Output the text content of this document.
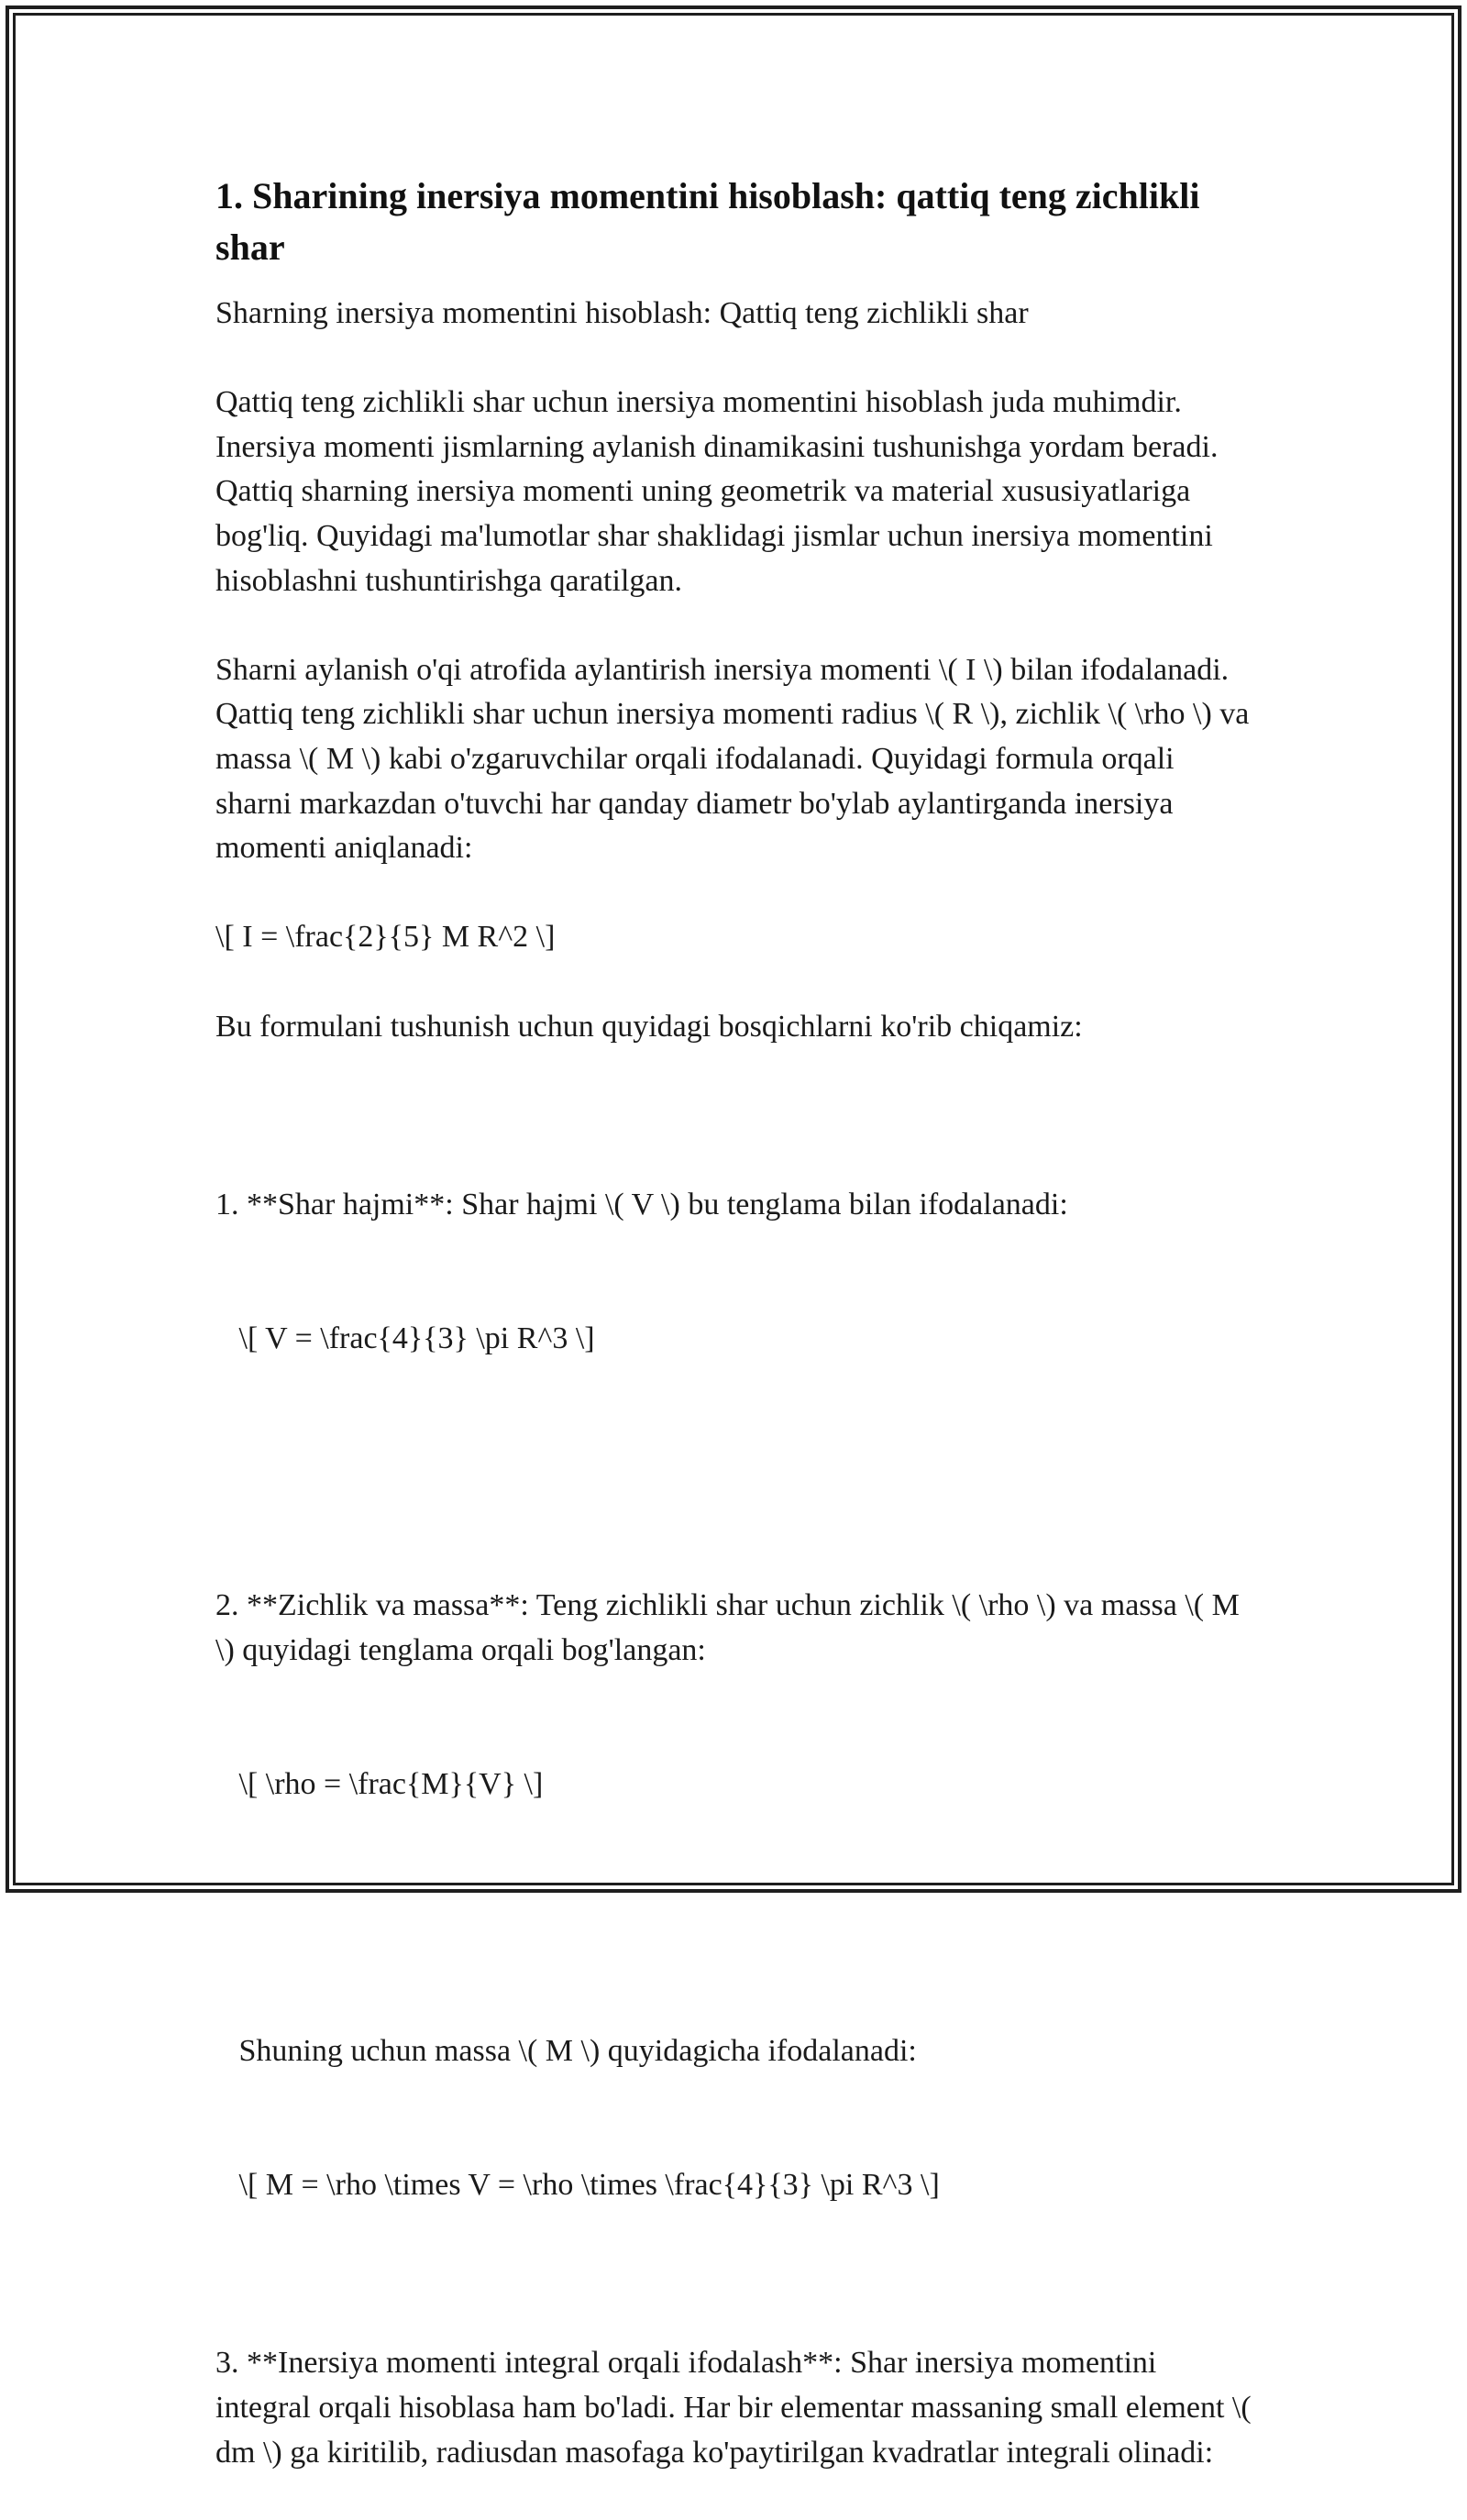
1. Sharining inersiya momentini hisoblash: qattiq teng zichlikli shar

Sharning inersiya momentini hisoblash: Qattiq teng zichlikli shar

Qattiq teng zichlikli shar uchun inersiya momentini hisoblash juda muhimdir. Inersiya momenti jismlarning aylanish dinamikasini tushunishga yordam beradi. Qattiq sharning inersiya momenti uning geometrik va material xususiyatlariga bog'liq. Quyidagi ma'lumotlar shar shaklidagi jismlar uchun inersiya momentini hisoblashni tushuntirishga qaratilgan.

Sharni aylanish o'qi atrofida aylantirish inersiya momenti \( I \) bilan ifodalanadi. Qattiq teng zichlikli shar uchun inersiya momenti radius \( R \), zichlik \( \rho \) va massa \( M \) kabi o'zgaruvchilar orqali ifodalanadi. Quyidagi formula orqali sharni markazdan o'tuvchi har qanday diametr bo'ylab aylantirganda inersiya momenti aniqlanadi:

\[ I = \frac{2}{5} M R^2 \]

Bu formulani tushunish uchun quyidagi bosqichlarni ko'rib chiqamiz:

1. **Shar hajmi**: Shar hajmi \( V \) bu tenglama bilan ifodalanadi:

\[ V = \frac{4}{3} \pi R^3 \]

2. **Zichlik va massa**: Teng zichlikli shar uchun zichlik \( \rho \) va massa \( M \) quyidagi tenglama orqali bog'langan:

\[ \rho = \frac{M}{V} \]

Shuning uchun massa \( M \) quyidagicha ifodalanadi:

\[ M = \rho \times V = \rho \times \frac{4}{3} \pi R^3 \]

3. **Inersiya momenti integral orqali ifodalash**: Shar inersiya momentini integral orqali hisoblasa ham bo'ladi. Har bir elementar massaning small element \( dm \) ga kiritilib, radiusdan masofaga ko'paytirilgan kvadratlar integrali olinadi:
